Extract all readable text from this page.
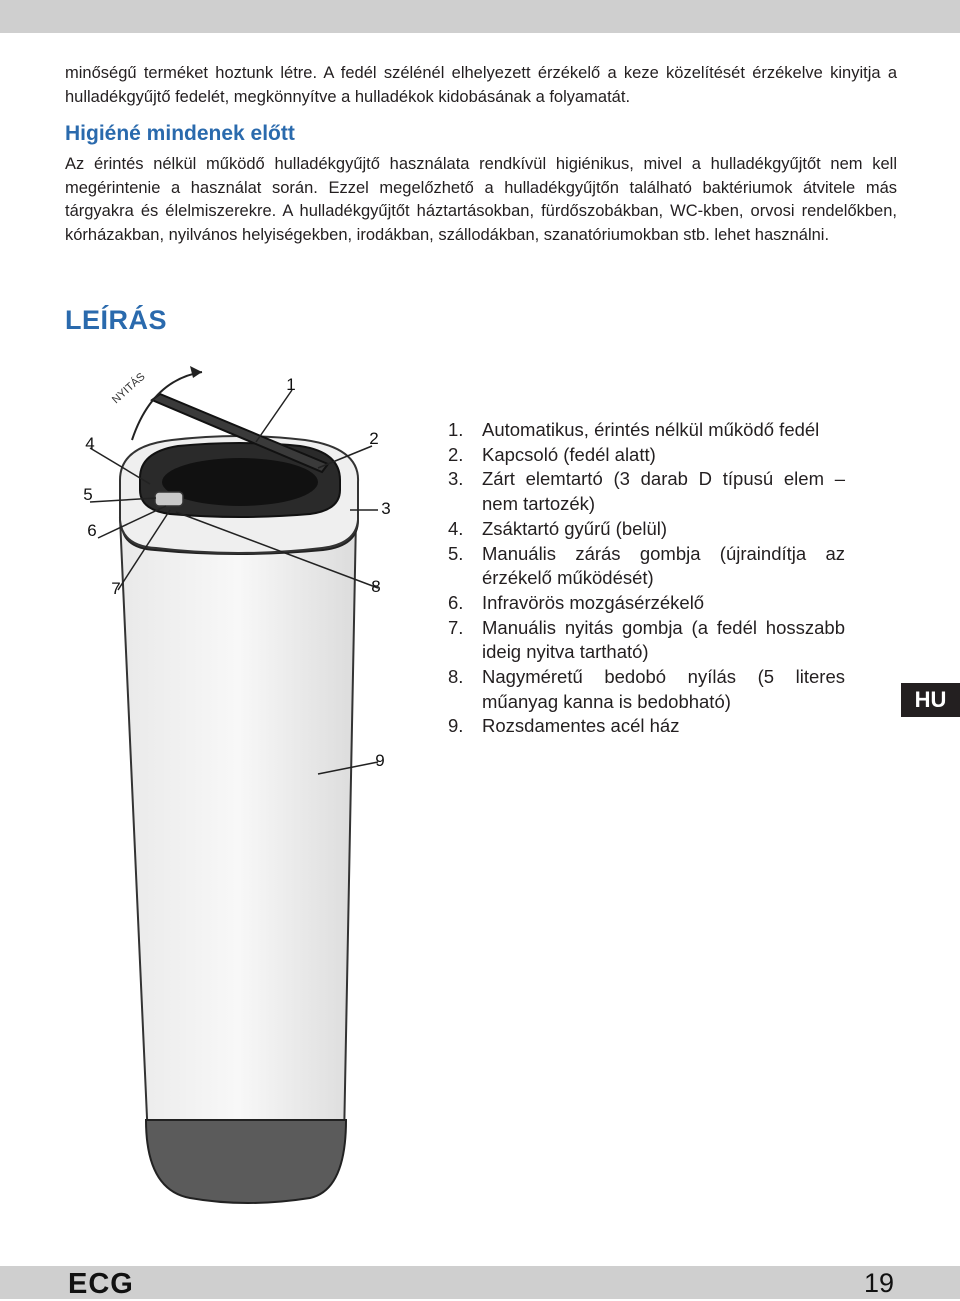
minőségű terméket hoztunk létre. A fedél szélénél elhelyezett érzékelő a keze közelítését érzékelve kinyitja a hulladékgyűjtő fedelét, megkönnyítve a hulladékok kidobásának a folyamatát.

Higiéné mindenek előtt

Az érintés nélkül működő hulladékgyűjtő használata rendkívül higiénikus, mivel a hulladékgyűjtőt nem kell megérintenie a használat során. Ezzel megelőzhető a hulladékgyűjtőn található baktériumok átvitele más tárgyakra és élelmiszerekre. A hulladékgyűjtőt háztartásokban, fürdőszobákban, WC-kben, orvosi rendelőkben, kórházakban, nyilvános helyiségekben, irodákban, szállodákban, szanatóriumokban stb. lehet használni.

LEÍRÁS
NYITÁS	1
2
3
4
5
6
7	8
9
1.	Automatikus, érintés nélkül működő fedél
2.	Kapcsoló (fedél alatt)
3.	Zárt elemtartó (3 darab D típusú elem – nem tartozék)
4.	Zsáktartó gyűrű (belül)
5.	Manuális zárás gombja (újraindítja az érzékelő működését)
6.	Infravörös mozgásérzékelő
7.	Manuális nyitás gombja (a fedél hosszabb ideig nyitva tartható)
8.	Nagyméretű bedobó nyílás (5 literes műanyag kanna is bedobható)
9.	Rozsdamentes acél ház
HU
ECG	19
